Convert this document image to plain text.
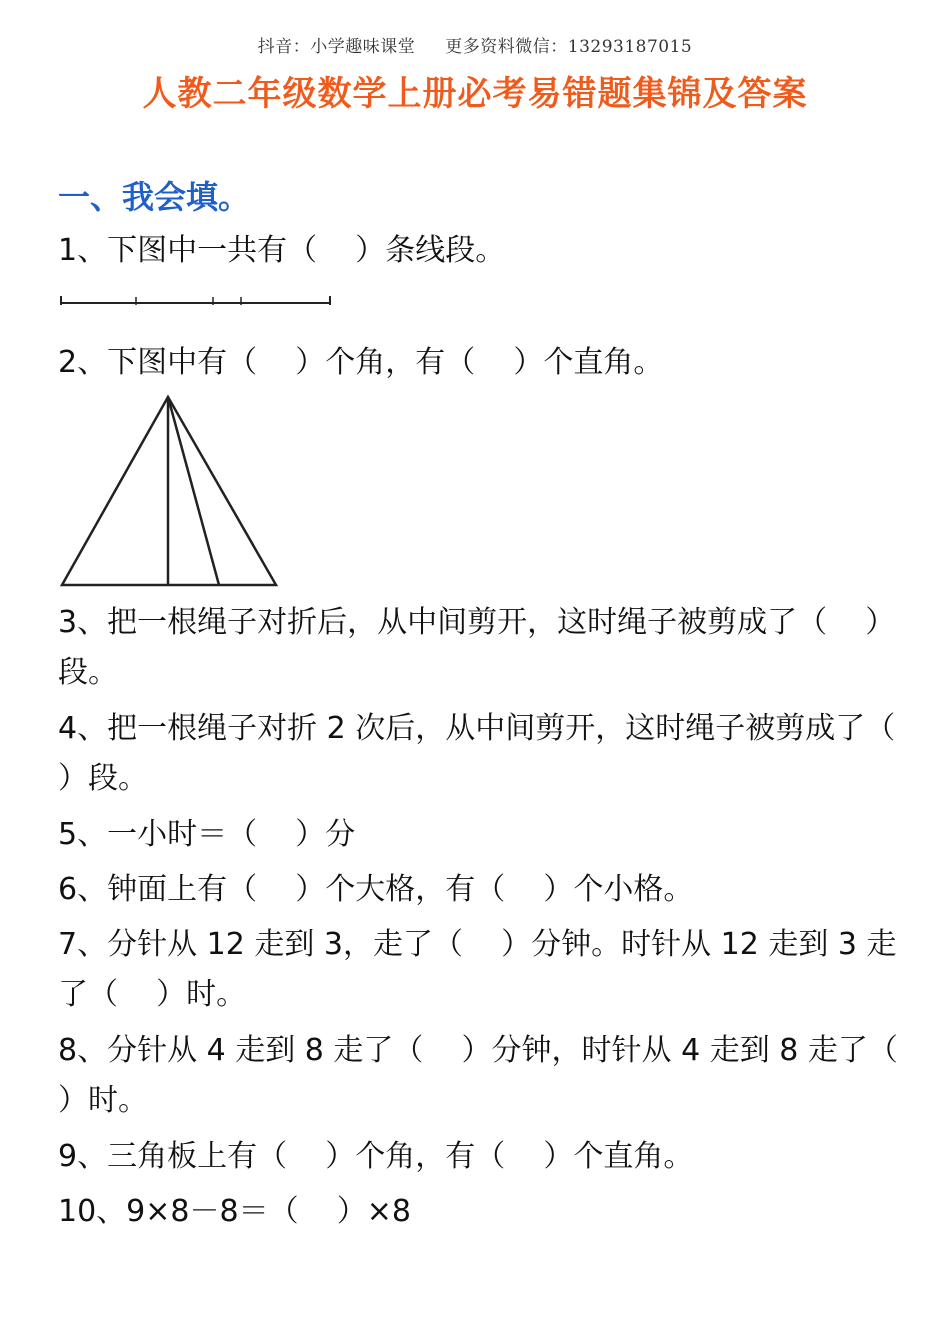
抖音：小学趣味课堂 更多资料微信：13293187015
人教二年级数学上册必考易错题集锦及答案
一、我会填。
1、下图中一共有（    ）条线段。
2、下图中有（    ）个角，有（    ）个直角。
3、把一根绳子对折后，从中间剪开，这时绳子被剪成了（    ）段。
4、把一根绳子对折 2 次后，从中间剪开，这时绳子被剪成了（    ）段。
5、一小时＝（    ）分
6、钟面上有（    ）个大格，有（    ）个小格。
7、分针从 12 走到 3，走了（    ）分钟。时针从 12 走到 3 走了（    ）时。
8、分针从 4 走到 8 走了（    ）分钟，时针从 4 走到 8 走了（    ）时。
9、三角板上有（    ）个角，有（    ）个直角。
10、9×8－8＝（    ）×8
